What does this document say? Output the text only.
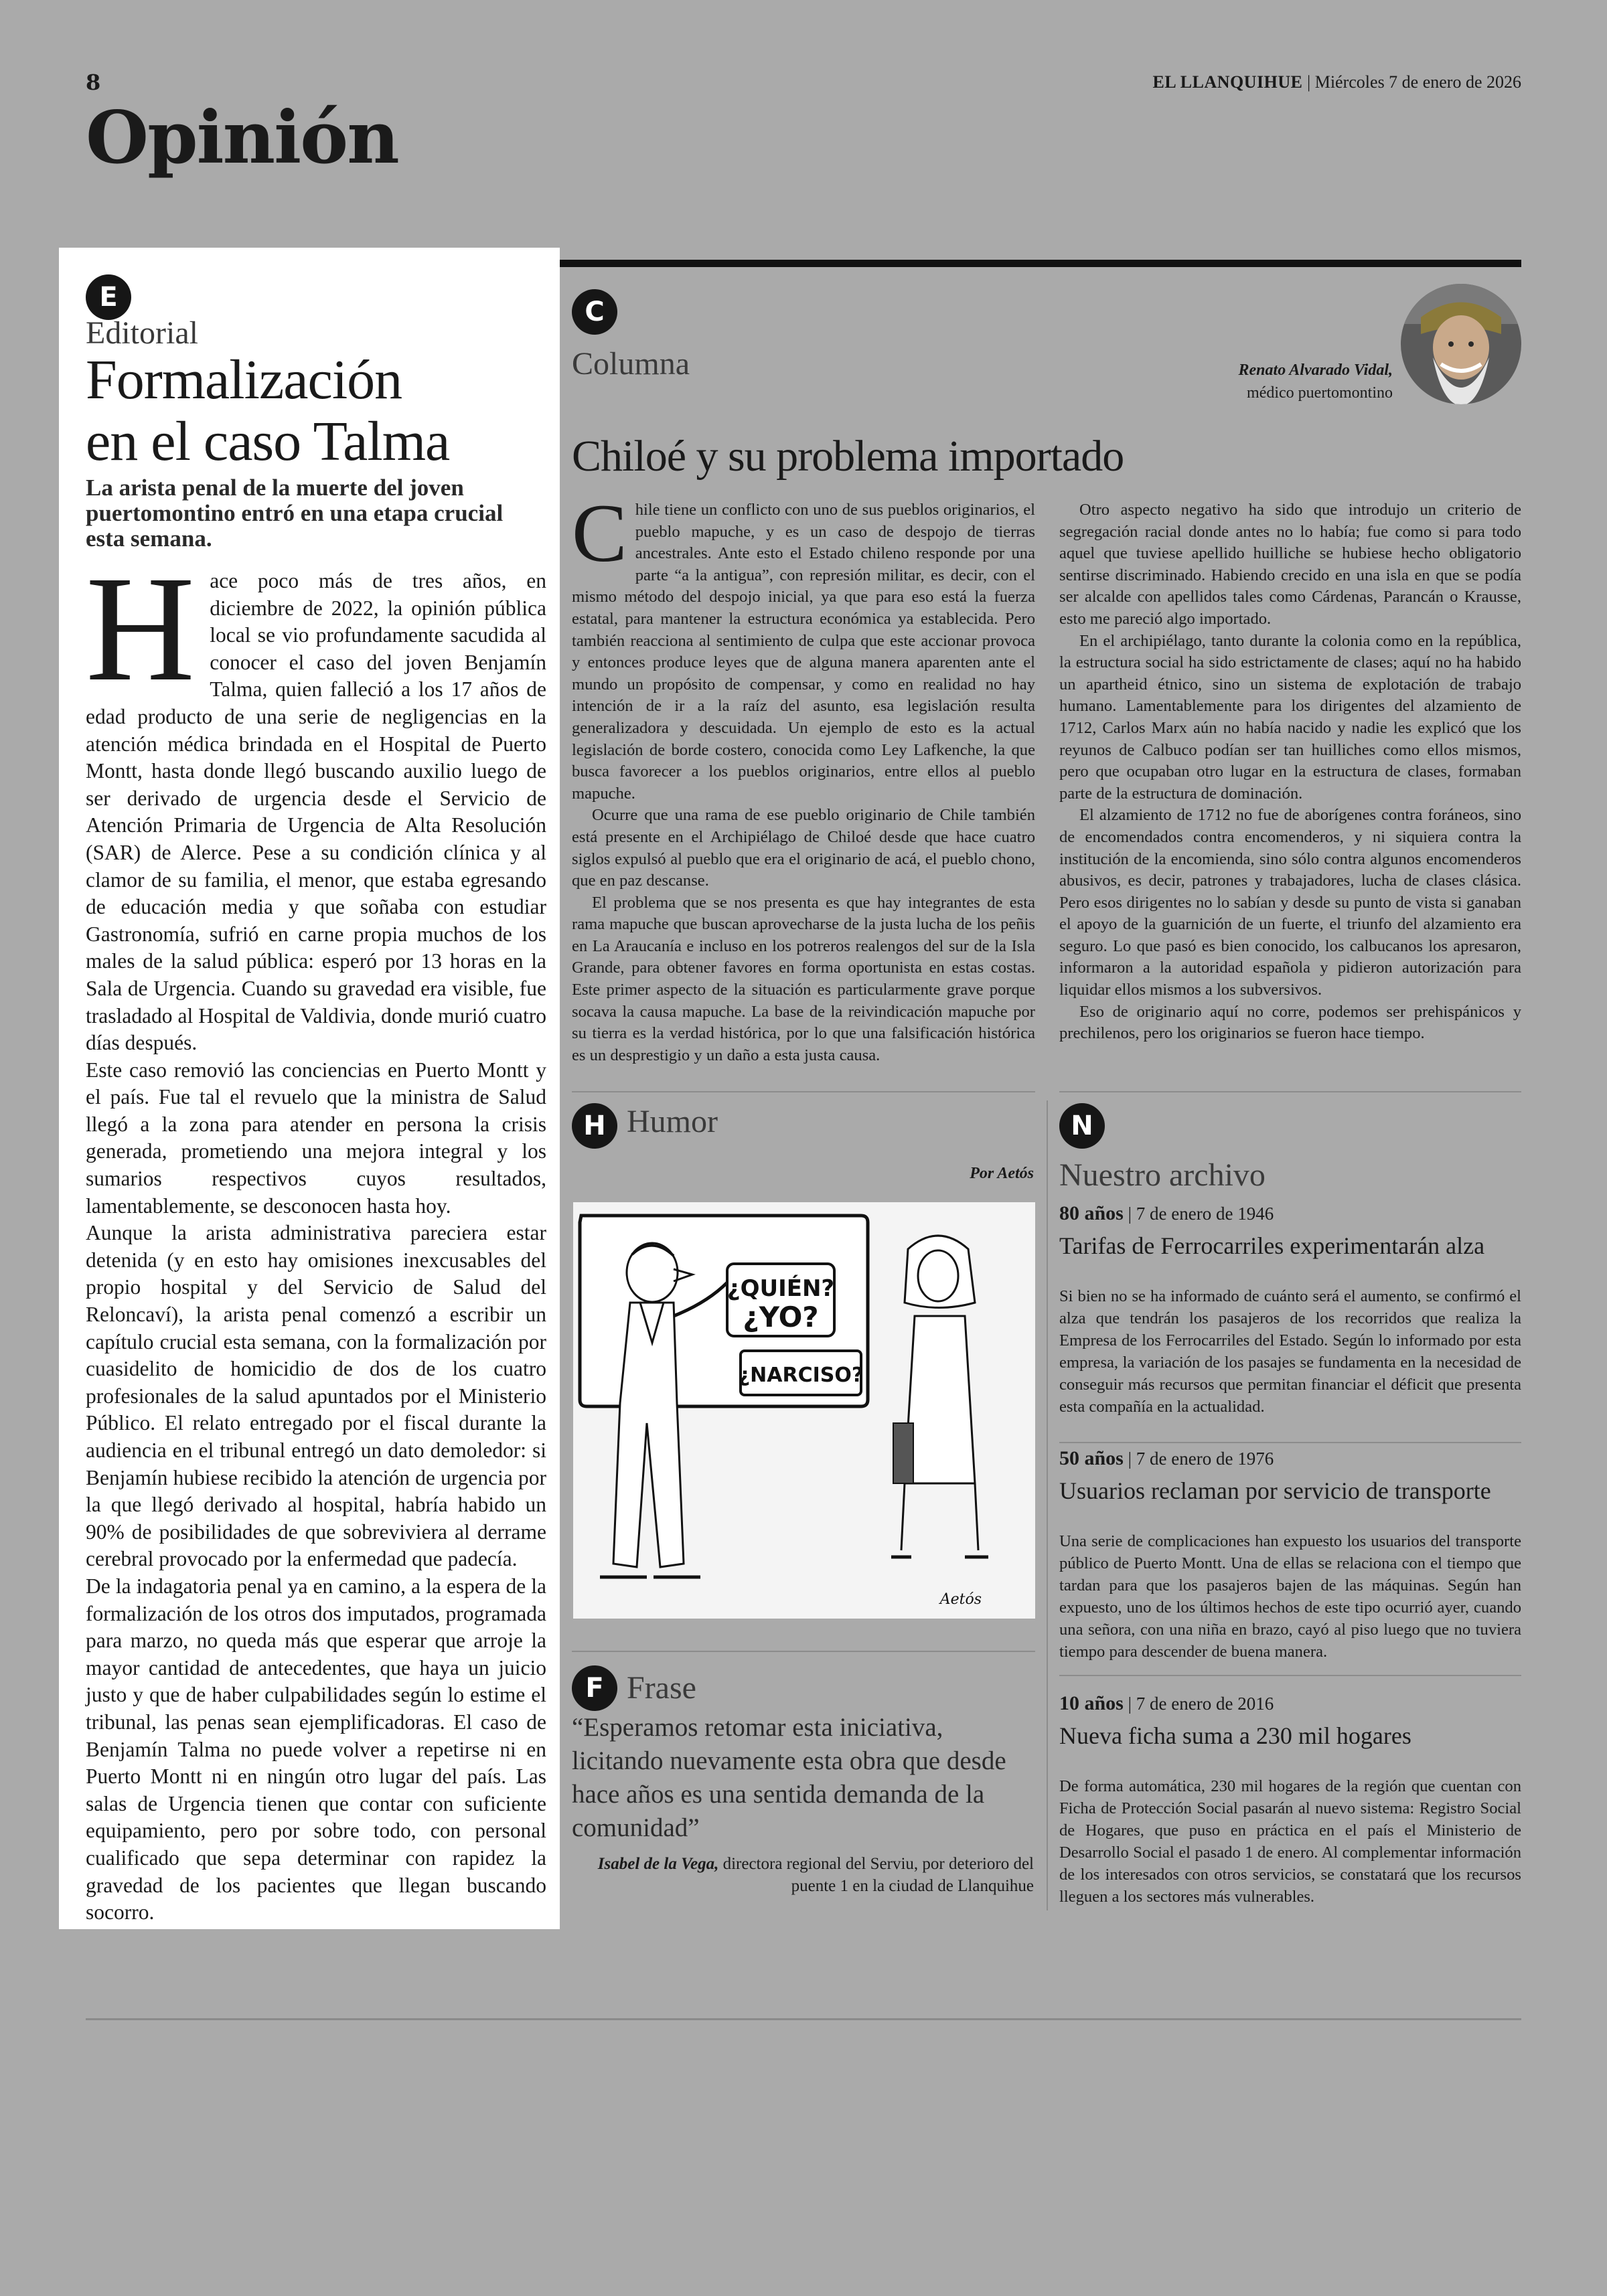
8	EL LLANQUIHUE | Miércoles 7 de enero de 2026
Opinión
E
Editorial
Formalización
en el caso Talma
La arista penal de la muerte del joven puertomontino entró en una etapa crucial esta semana.

Hace poco más de tres años, en diciembre de 2022, la opinión pública local se vio profundamente sacudida al conocer el caso del joven Benjamín Talma, quien falleció a los 17 años de edad producto de una serie de negligencias en la atención médica brindada en el Hospital de Puerto Montt, hasta donde llegó buscando auxilio luego de ser derivado de urgencia desde el Servicio de Atención Primaria de Urgencia de Alta Resolución (SAR) de Alerce. Pese a su condición clínica y al clamor de su familia, el menor, que estaba egresando de educación media y que soñaba con estudiar Gastronomía, sufrió en carne propia muchos de los males de la salud pública: esperó por 13 horas en la Sala de Urgencia. Cuando su gravedad era visible, fue trasladado al Hospital de Valdivia, donde murió cuatro días después.

Este caso removió las conciencias en Puerto Montt y el país. Fue tal el revuelo que la ministra de Salud llegó a la zona para atender en persona la crisis generada, prometiendo una mejora integral y los sumarios respectivos cuyos resultados, lamentablemente, se desconocen hasta hoy.

Aunque la arista administrativa pareciera estar detenida (y en esto hay omisiones inexcusables del propio hospital y del Servicio de Salud del Reloncaví), la arista penal comenzó a escribir un capítulo crucial esta semana, con la formalización por cuasidelito de homicidio de dos de los cuatro profesionales de la salud apuntados por el Ministerio Público. El relato entregado por el fiscal durante la audiencia en el tribunal entregó un dato demoledor: si Benjamín hubiese recibido la atención de urgencia por la que llegó derivado al hospital, habría habido un 90% de posibilidades de que sobreviviera al derrame cerebral provocado por la enfermedad que padecía.

De la indagatoria penal ya en camino, a la espera de la formalización de los otros dos imputados, programada para marzo, no queda más que esperar que arroje la mayor cantidad de antecedentes, que haya un juicio justo y que de haber culpabilidades según lo estime el tribunal, las penas sean ejemplificadoras. El caso de Benjamín Talma no puede volver a repetirse ni en Puerto Montt ni en ningún otro lugar del país. Las salas de Urgencia tienen que contar con suficiente equipamiento, pero por sobre todo, con personal cualificado que sepa determinar con rapidez la gravedad de los pacientes que llegan buscando socorro.

C
Columna	Renato Alvarado Vidal,
médico puertomontino
Chiloé y su problema importado

Chile tiene un conflicto con uno de sus pueblos originarios, el pueblo mapuche, y es un caso de despojo de tierras ancestrales. Ante esto el Estado chileno responde por una parte “a la antigua”, con represión militar, es decir, con el mismo método del despojo inicial, ya que para eso está la fuerza estatal, para mantener la estructura económica ya establecida. Pero también reacciona al sentimiento de culpa que este accionar provoca y entonces produce leyes que de alguna manera aparenten ante el mundo un propósito de compensar, y como en realidad no hay intención de ir a la raíz del asunto, esa legislación resulta generalizadora y descuidada. Un ejemplo de esto es la actual legislación de borde costero, conocida como Ley Lafkenche, la que busca favorecer a los pueblos originarios, entre ellos al pueblo mapuche.

Ocurre que una rama de ese pueblo originario de Chile también está presente en el Archipiélago de Chiloé desde que hace cuatro siglos expulsó al pueblo que era el originario de acá, el pueblo chono, que en paz descanse.

El problema que se nos presenta es que hay integrantes de esta rama mapuche que buscan aprovecharse de la justa lucha de los peñis en La Araucanía e incluso en los potreros realengos del sur de la Isla Grande, para obtener favores en forma oportunista en estas costas. Este primer aspecto de la situación es particularmente grave porque socava la causa mapuche. La base de la reivindicación mapuche por su tierra es la verdad histórica, por lo que una falsificación histórica es un desprestigio y un daño a esta justa causa.

Otro aspecto negativo ha sido que introdujo un criterio de segregación racial donde antes no lo había; fue como si para todo aquel que tuviese apellido huilliche se hubiese hecho obligatorio sentirse discriminado. Habiendo crecido en una isla en que se podía ser alcalde con apellidos tales como Cárdenas, Parancán o Krausse, esto me pareció algo importado.

En el archipiélago, tanto durante la colonia como en la república, la estructura social ha sido estrictamente de clases; aquí no ha habido un apartheid étnico, sino un sistema de explotación de trabajo humano. Lamentablemente para los dirigentes del alzamiento de 1712, Carlos Marx aún no había nacido y nadie les explicó que los reyunos de Calbuco podían ser tan huilliches como ellos mismos, pero que ocupaban otro lugar en la estructura de clases, formaban parte de la estructura de dominación.

El alzamiento de 1712 no fue de aborígenes contra foráneos, sino de encomendados contra encomenderos, y ni siquiera contra la institución de la encomienda, sino sólo contra algunos encomenderos abusivos, es decir, patrones y trabajadores, lucha de clases clásica. Pero esos dirigentes no lo sabían y desde su punto de vista si ganaban el apoyo de la guarnición de un fuerte, el triunfo del alzamiento era seguro. Lo que pasó es bien conocido, los calbucanos los apresaron, informaron a la autoridad española y pidieron autorización para liquidar ellos mismos a los subversivos.

Eso de originario aquí no corre, podemos ser prehispánicos y prechilenos, pero los originarios se fueron hace tiempo.

H Humor
Por Aetós
¿QUIÉN?
¿YO?
¿NARCISO?
Aetós
F Frase
“Esperamos retomar esta iniciativa, licitando nuevamente esta obra que desde hace años es una sentida demanda de la comunidad”
Isabel de la Vega, directora regional del Serviu, por deterioro del puente 1 en la ciudad de Llanquihue
N
Nuestro archivo
80 años | 7 de enero de 1946
Tarifas de Ferrocarriles experimentarán alza
Si bien no se ha informado de cuánto será el aumento, se confirmó el alza que tendrán los pasajeros de los recorridos que realiza la Empresa de los Ferrocarriles del Estado. Según lo informado por esta empresa, la variación de los pasajes se fundamenta en la necesidad de conseguir más recursos que permitan financiar el déficit que presenta esta compañía en la actualidad.
50 años | 7 de enero de 1976
Usuarios reclaman por servicio de transporte
Una serie de complicaciones han expuesto los usuarios del transporte público de Puerto Montt. Una de ellas se relaciona con el tiempo que tardan para que los pasajeros bajen de las máquinas. Según han expuesto, uno de los últimos hechos de este tipo ocurrió ayer, cuando una señora, con una niña en brazo, cayó al piso luego que no tuviera tiempo para descender de buena manera.
10 años | 7 de enero de 2016
Nueva ficha suma a 230 mil hogares
De forma automática, 230 mil hogares de la región que cuentan con Ficha de Protección Social pasarán al nuevo sistema: Registro Social de Hogares, que puso en práctica en el país el Ministerio de Desarrollo Social el pasado 1 de enero. Al complementar información de los interesados con otros servicios, se constatará que los recursos lleguen a los sectores más vulnerables.
